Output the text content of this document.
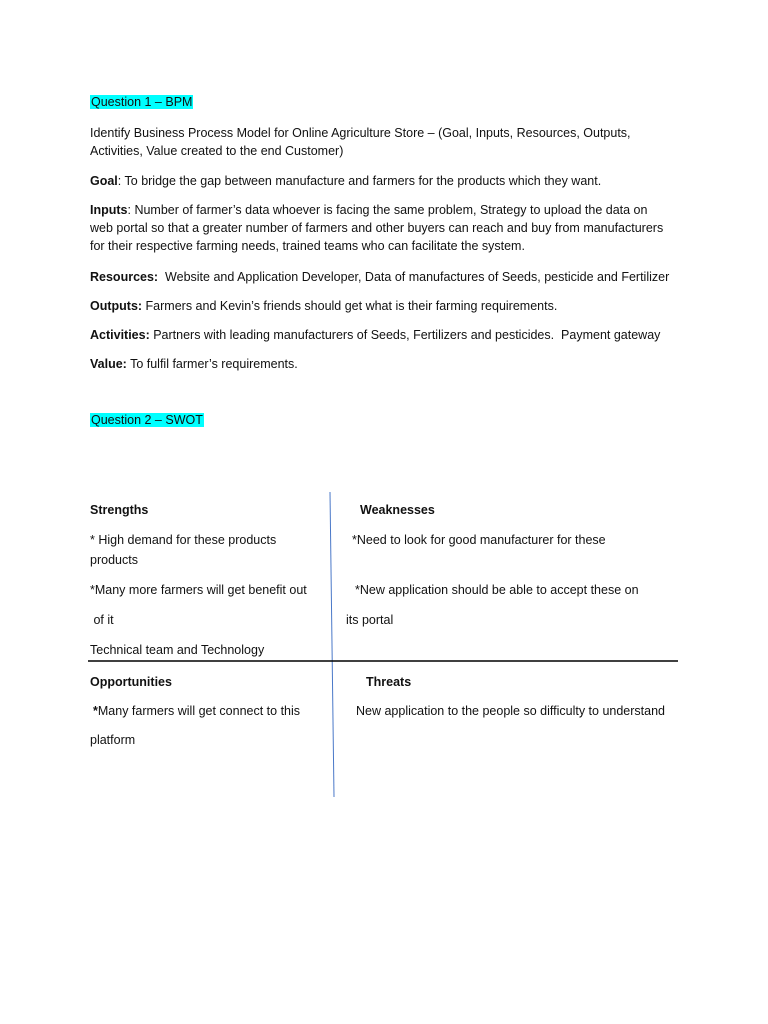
Question 1 – BPM
Identify Business Process Model for Online Agriculture Store – (Goal, Inputs, Resources, Outputs,
Activities, Value created to the end Customer)
Goal: To bridge the gap between manufacture and farmers for the products which they want.
Inputs: Number of farmer’s data whoever is facing the same problem, Strategy to upload the data on
web portal so that a greater number of farmers and other buyers can reach and buy from manufacturers
for their respective farming needs, trained teams who can facilitate the system.
Resources:  Website and Application Developer, Data of manufactures of Seeds, pesticide and Fertilizer
Outputs: Farmers and Kevin’s friends should get what is their farming requirements.
Activities: Partners with leading manufacturers of Seeds, Fertilizers and pesticides.  Payment gateway
Value: To fulfil farmer’s requirements.
Question 2 – SWOT
Strengths
* High demand for these products
products
*Many more farmers will get benefit out
of it
Technical team and Technology
Weaknesses
*Need to look for good manufacturer for these
*New application should be able to accept these on
its portal
Opportunities
*Many farmers will get connect to this
platform
Threats
New application to the people so difficulty to understand
